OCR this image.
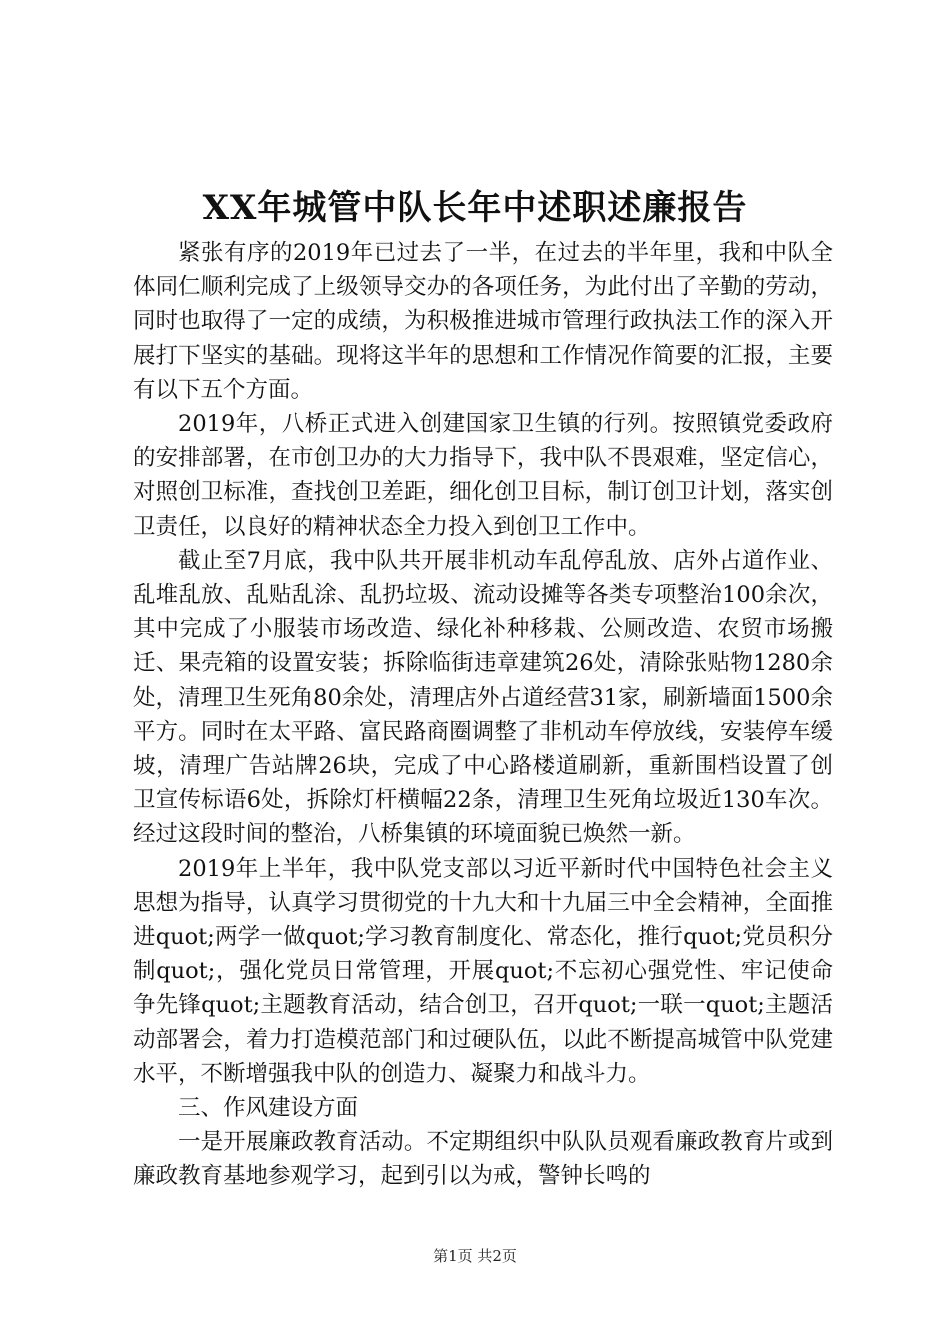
XX年城管中队长年中述职述廉报告

紧张有序的2019年已过去了一半，在过去的半年里，我和中队全体同仁顺利完成了上级领导交办的各项任务，为此付出了辛勤的劳动，同时也取得了一定的成绩，为积极推进城市管理行政执法工作的深入开展打下坚实的基础。现将这半年的思想和工作情况作简要的汇报，主要有以下五个方面。

2019年，八桥正式进入创建国家卫生镇的行列。按照镇党委政府的安排部署，在市创卫办的大力指导下，我中队不畏艰难，坚定信心，对照创卫标准，查找创卫差距，细化创卫目标，制订创卫计划，落实创卫责任，以良好的精神状态全力投入到创卫工作中。

截止至7月底，我中队共开展非机动车乱停乱放、店外占道作业、乱堆乱放、乱贴乱涂、乱扔垃圾、流动设摊等各类专项整治100余次，其中完成了小服装市场改造、绿化补种移栽、公厕改造、农贸市场搬迁、果壳箱的设置安装；拆除临街违章建筑26处，清除张贴物1280余处，清理卫生死角80余处，清理店外占道经营31家，刷新墙面1500余平方。同时在太平路、富民路商圈调整了非机动车停放线，安装停车缓坡，清理广告站牌26块，完成了中心路楼道刷新，重新围档设置了创卫宣传标语6处，拆除灯杆横幅22条，清理卫生死角垃圾近130车次。经过这段时间的整治，八桥集镇的环境面貌已焕然一新。

2019年上半年，我中队党支部以习近平新时代中国特色社会主义思想为指导，认真学习贯彻党的十九大和十九届三中全会精神，全面推进quot;两学一做quot;学习教育制度化、常态化，推行quot;党员积分制quot;，强化党员日常管理，开展quot;不忘初心强党性、牢记使命争先锋quot;主题教育活动，结合创卫，召开quot;一联一quot;主题活动部署会，着力打造模范部门和过硬队伍，以此不断提高城管中队党建水平，不断增强我中队的创造力、凝聚力和战斗力。

三、作风建设方面

一是开展廉政教育活动。不定期组织中队队员观看廉政教育片或到廉政教育基地参观学习，起到引以为戒，警钟长鸣的

第1页 共2页
